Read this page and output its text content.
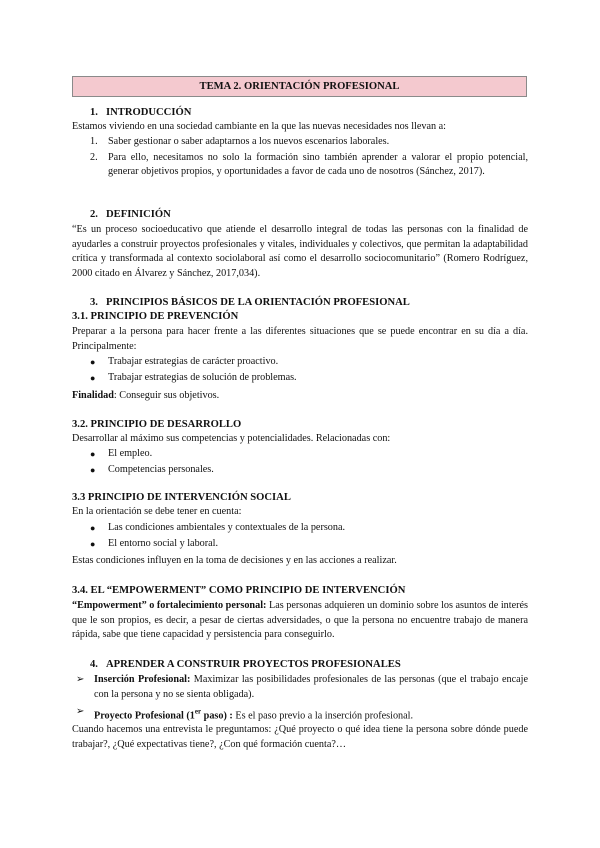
TEMA 2. ORIENTACIÓN PROFESIONAL
1. INTRODUCCIÓN
Estamos viviendo en una sociedad cambiante en la que las nuevas necesidades nos llevan a:
1.	Saber gestionar o saber adaptarnos a los nuevos escenarios laborales.
2.	Para ello, necesitamos no solo la formación sino también aprender a valorar el propio potencial, generar objetivos propios, y oportunidades a favor de cada uno de nosotros (Sánchez, 2017).
2. DEFINICIÓN
“Es un proceso socioeducativo que atiende el desarrollo integral de todas las personas con la finalidad de ayudarles a construir proyectos profesionales y vitales, individuales y colectivos, que permitan la adaptabilidad crítica y transformada al contexto sociolaboral así como el desarrollo sociocomunitario” (Romero Rodríguez, 2000 citado en Álvarez y Sánchez, 2017,034).
3. PRINCIPIOS BÁSICOS DE LA ORIENTACIÓN PROFESIONAL
3.1. PRINCIPIO DE PREVENCIÓN
Preparar a la persona para hacer frente a las diferentes situaciones que se puede encontrar en su día a día. Principalmente:
●	Trabajar estrategias de carácter proactivo.
●	Trabajar estrategias de solución de problemas.
Finalidad: Conseguir sus objetivos.
3.2. PRINCIPIO DE DESARROLLO
Desarrollar al máximo sus competencias y potencialidades. Relacionadas con:
●	El empleo.
●	Competencias personales.
3.3 PRINCIPIO DE INTERVENCIÓN SOCIAL
En la orientación se debe tener en cuenta:
●	Las condiciones ambientales y contextuales de la persona.
●	El entorno social y laboral.
Estas condiciones influyen en la toma de decisiones y en las acciones a realizar.
3.4. EL “EMPOWERMENT” COMO PRINCIPIO DE INTERVENCIÓN
“Empowerment” o fortalecimiento personal: Las personas adquieren un dominio sobre los asuntos de interés que le son propios, es decir, a pesar de ciertas adversidades, o que la persona no encuentre trabajo de manera rápida, sabe que tiene capacidad y persistencia para conseguirlo.
4. APRENDER A CONSTRUIR PROYECTOS PROFESIONALES
➢ Inserción Profesional: Maximizar las posibilidades profesionales de las personas (que el trabajo encaje con la persona y no se sienta obligada).
➢ Proyecto Profesional (1er paso) : Es el paso previo a la inserción profesional.
Cuando hacemos una entrevista le preguntamos: ¿Qué proyecto o qué idea tiene la persona sobre dónde puede trabajar?, ¿Qué expectativas tiene?, ¿Con qué formación cuenta?…
